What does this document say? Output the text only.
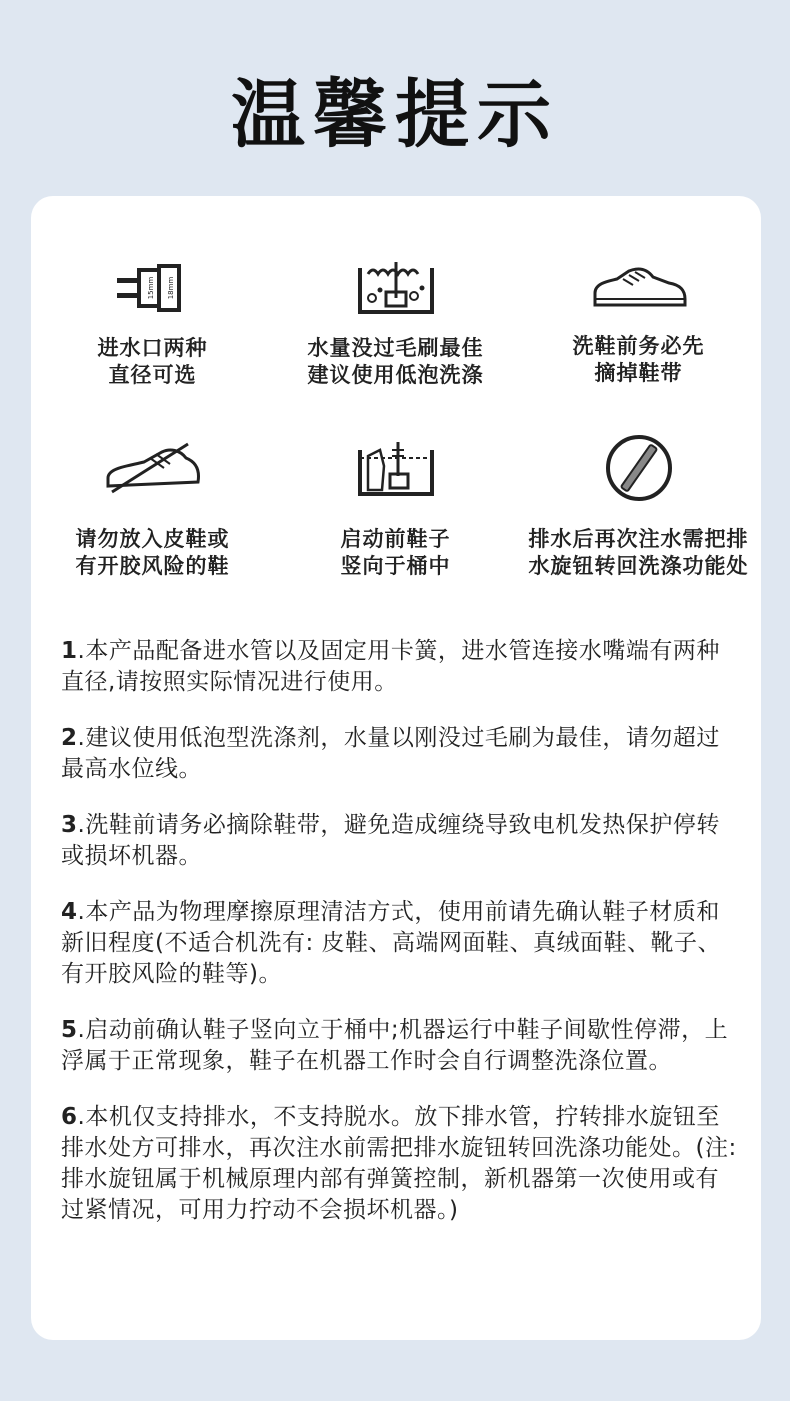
温馨提示
15mm 18mm
进水口两种
直径可选
水量没过毛刷最佳
建议使用低泡洗涤
洗鞋前务必先
摘掉鞋带
请勿放入皮鞋或
有开胶风险的鞋
启动前鞋子
竖向于桶中
排水后再次注水需把排
水旋钮转回洗涤功能处

1.本产品配备进水管以及固定用卡簧，进水管连接水嘴端有两种直径,请按照实际情况进行使用。

2.建议使用低泡型洗涤剂，水量以刚没过毛刷为最佳，请勿超过最高水位线。

3.洗鞋前请务必摘除鞋带，避免造成缠绕导致电机发热保护停转或损坏机器。

4.本产品为物理摩擦原理清洁方式，使用前请先确认鞋子材质和新旧程度(不适合机洗有: 皮鞋、高端网面鞋、真绒面鞋、靴子、有开胶风险的鞋等)。

5.启动前确认鞋子竖向立于桶中;机器运行中鞋子间歇性停滞，上浮属于正常现象，鞋子在机器工作时会自行调整洗涤位置。

6.本机仅支持排水，不支持脱水。放下排水管，拧转排水旋钮至排水处方可排水，再次注水前需把排水旋钮转回洗涤功能处。(注: 排水旋钮属于机械原理内部有弹簧控制，新机器第一次使用或有过紧情况，可用力拧动不会损坏机器。)
